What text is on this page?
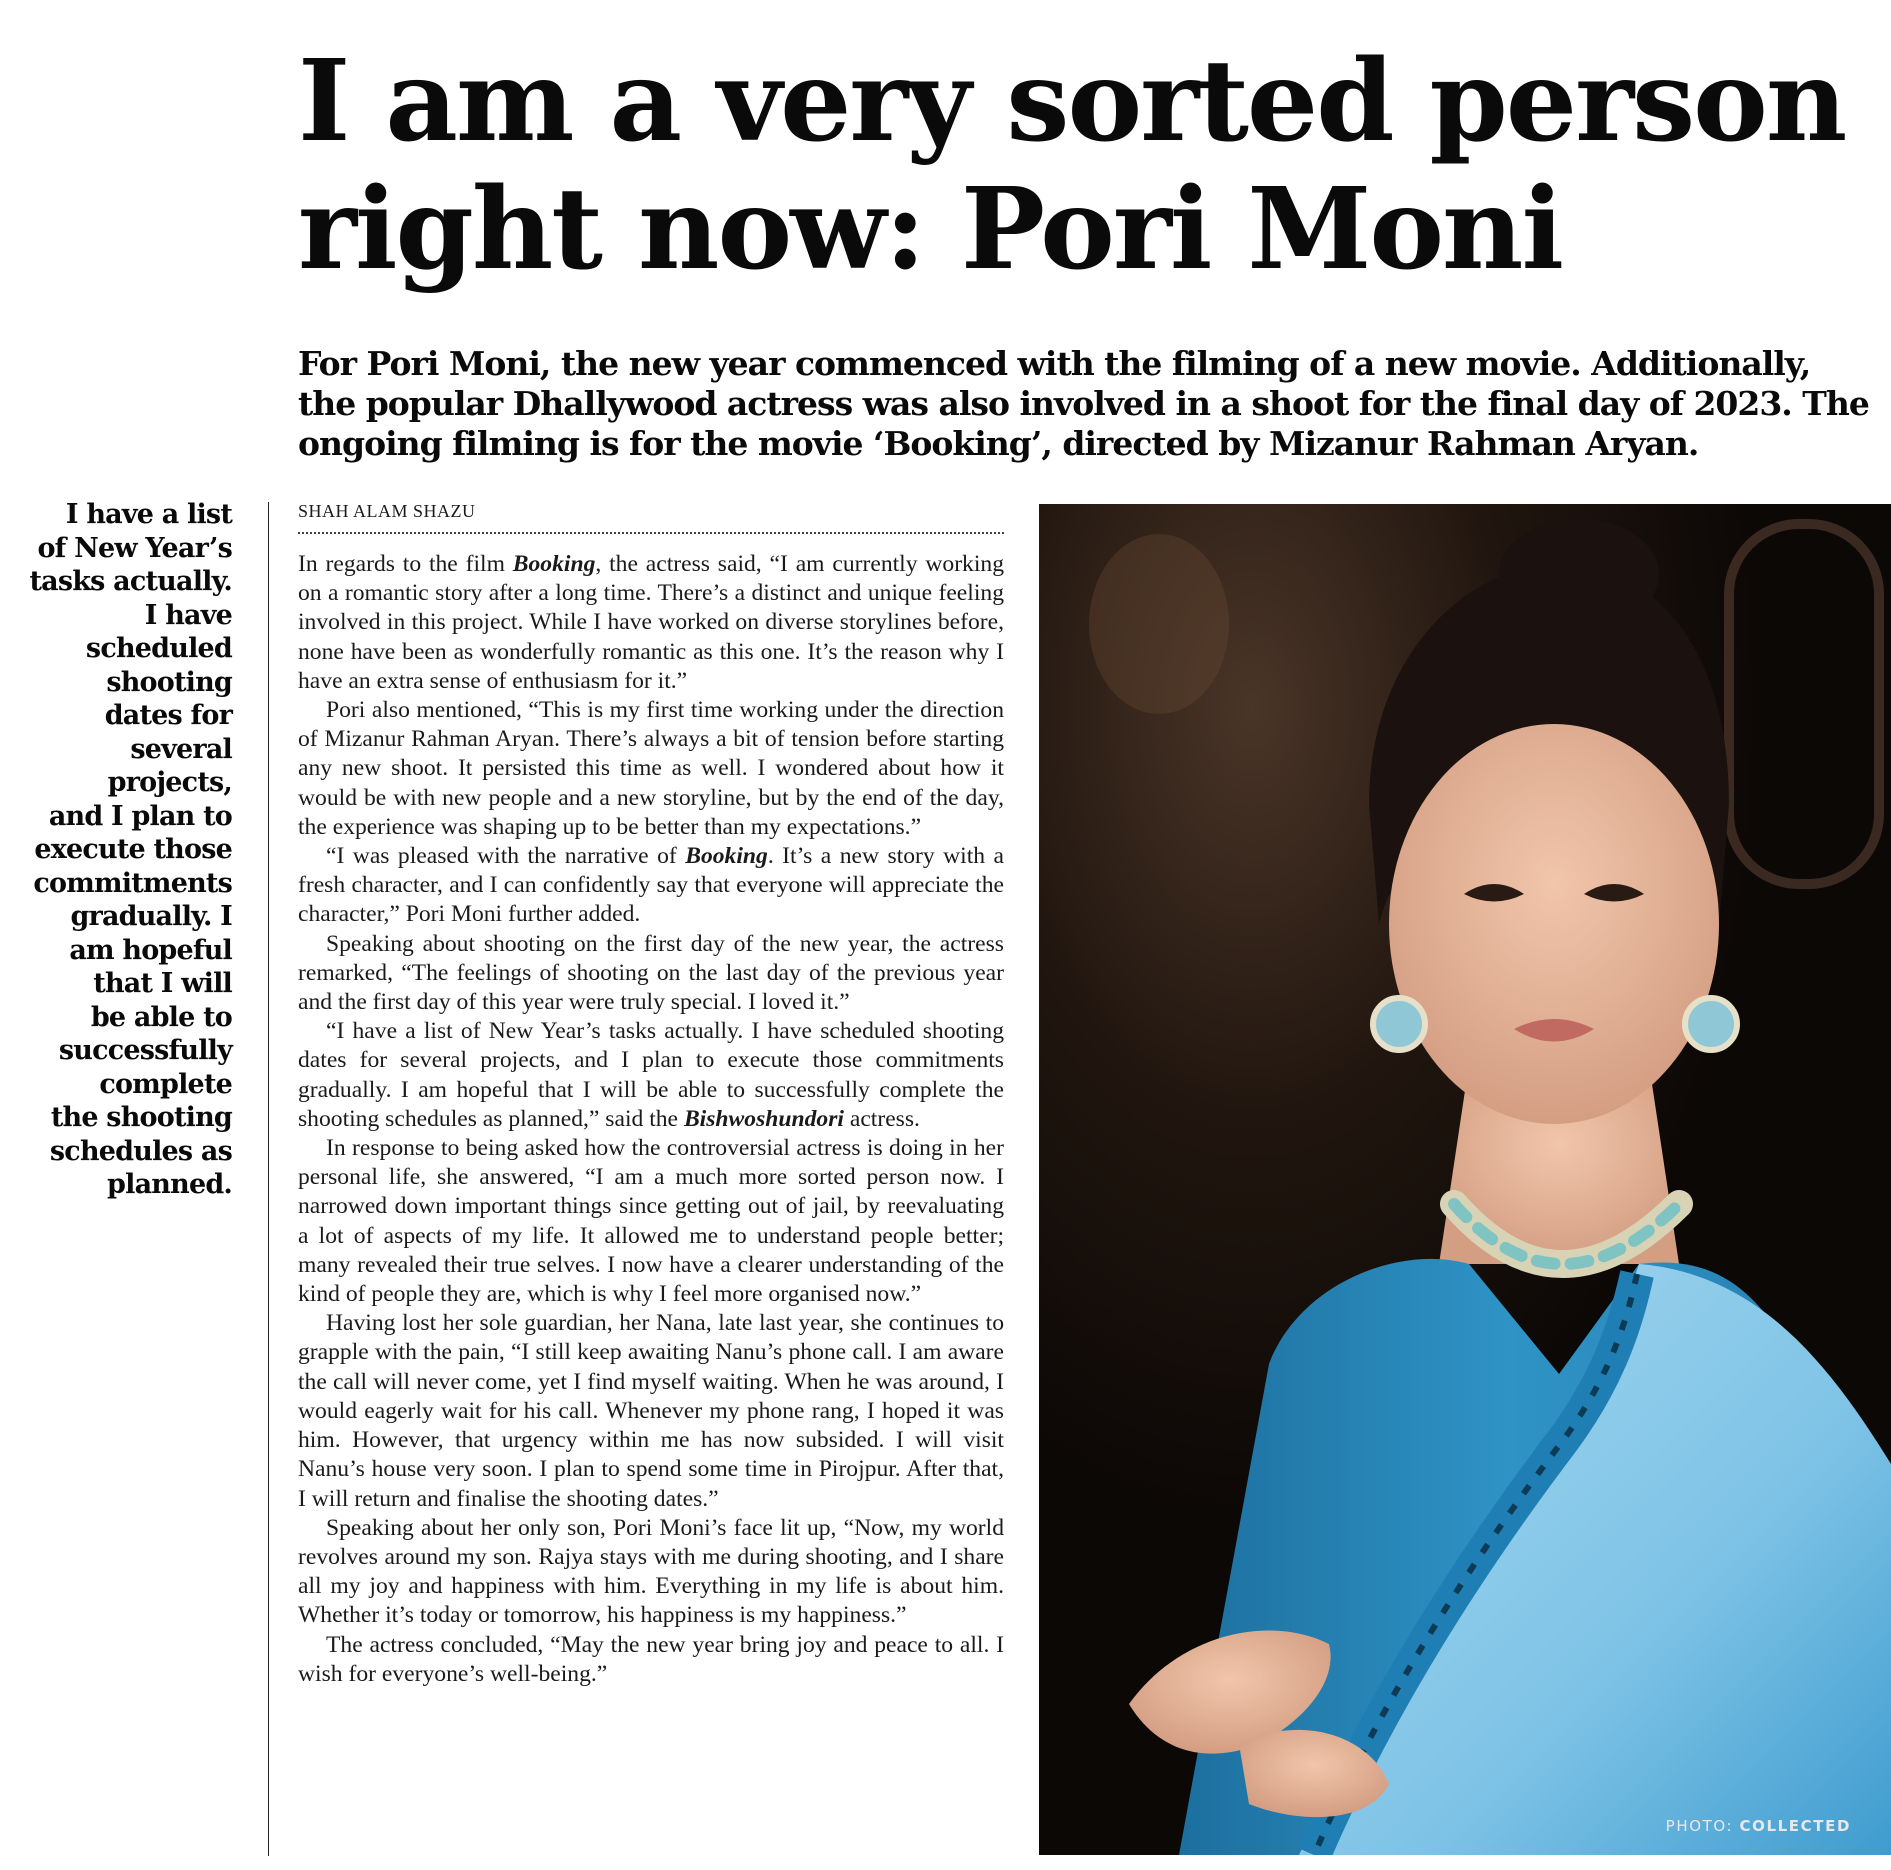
I am a very sorted person
right now: Pori Moni

For Pori Moni, the new year commenced with the filming of a new movie. Additionally,
the popular Dhallywood actress was also involved in a shoot for the final day of 2023. The
ongoing filming is for the movie ‘Booking’, directed by Mizanur Rahman Aryan.

I have a list
of New Year’s
tasks actually.
I have
scheduled
shooting
dates for
several
projects,
and I plan to
execute those
commitments
gradually. I
am hopeful
that I will
be able to
successfully
complete
the shooting
schedules as
planned.
SHAH ALAM SHAZU

In regards to the film Booking, the actress said, “I am currently working on a romantic story after a long time. There’s a distinct and unique feeling involved in this project. While I have worked on diverse storylines before, none have been as wonderfully romantic as this one. It’s the reason why I have an extra sense of enthusiasm for it.”

Pori also mentioned, “This is my first time working under the direction of Mizanur Rahman Aryan. There’s always a bit of tension before starting any new shoot. It persisted this time as well. I wondered about how it would be with new people and a new storyline, but by the end of the day, the experience was shaping up to be better than my expectations.”

“I was pleased with the narrative of Booking. It’s a new story with a fresh character, and I can confidently say that everyone will appreciate the character,” Pori Moni further added.

Speaking about shooting on the first day of the new year, the actress remarked, “The feelings of shooting on the last day of the previous year and the first day of this year were truly special. I loved it.”

“I have a list of New Year’s tasks actually. I have scheduled shooting dates for several projects, and I plan to execute those commitments gradually. I am hopeful that I will be able to successfully complete the shooting schedules as planned,” said the Bishwoshundori actress.

In response to being asked how the controversial actress is doing in her personal life, she answered, “I am a much more sorted person now. I narrowed down important things since getting out of jail, by reevaluating a lot of aspects of my life. It allowed me to understand people better; many revealed their true selves. I now have a clearer understanding of the kind of people they are, which is why I feel more organised now.”

Having lost her sole guardian, her Nana, late last year, she continues to grapple with the pain, “I still keep awaiting Nanu’s phone call. I am aware the call will never come, yet I find myself waiting. When he was around, I would eagerly wait for his call. Whenever my phone rang, I hoped it was him. However, that urgency within me has now subsided. I will visit Nanu’s house very soon. I plan to spend some time in Pirojpur. After that, I will return and finalise the shooting dates.”

Speaking about her only son, Pori Moni’s face lit up, “Now, my world revolves around my son. Rajya stays with me during shooting, and I share all my joy and happiness with him. Everything in my life is about him. Whether it’s today or tomorrow, his happiness is my happiness.”

The actress concluded, “May the new year bring joy and peace to all. I wish for everyone’s well-being.”

PHOTO: COLLECTED
